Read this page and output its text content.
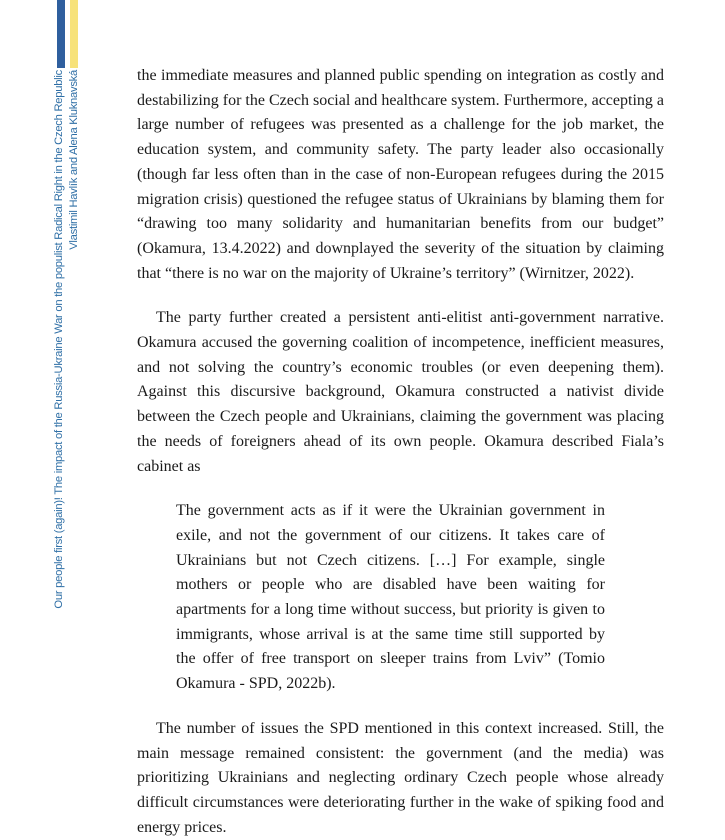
Our people first (again)! The impact of the Russia-Ukraine War on the populist Radical Right in the Czech Republic Vlastimil Havlík and Alena Kluknavská	the immediate measures and planned public spending on integration as costly and destabilizing for the Czech social and healthcare system. Furthermore, accepting a large number of refugees was presented as a challenge for the job market, the education system, and community safety. The party leader also occasionally (though far less often than in the case of non-European refugees during the 2015 migration crisis) questioned the refugee status of Ukrainians by blaming them for “drawing too many solidarity and humanitarian benefits from our budget” (Okamura, 13.4.2022) and downplayed the severity of the situation by claiming that “there is no war on the majority of Ukraine’s territory” (Wirnitzer, 2022).

The party further created a persistent anti-elitist anti-government narrative. Okamura accused the governing coalition of incompetence, inefficient measures, and not solving the country’s economic troubles (or even deepening them). Against this discursive background, Okamura constructed a nativist divide between the Czech people and Ukrainians, claiming the government was placing the needs of foreigners ahead of its own people. Okamura described Fiala’s cabinet as

The government acts as if it were the Ukrainian government in exile, and not the government of our citizens. It takes care of Ukrainians but not Czech citizens. […] For example, single mothers or people who are disabled have been waiting for apartments for a long time without success, but priority is given to immigrants, whose arrival is at the same time still supported by the offer of free transport on sleeper trains from Lviv” (Tomio Okamura - SPD, 2022b).

The number of issues the SPD mentioned in this context increased. Still, the main message remained consistent: the government (and the media) was prioritizing Ukrainians and neglecting ordinary Czech people whose already difficult circumstances were deteriorating further in the wake of spiking food and energy prices.
